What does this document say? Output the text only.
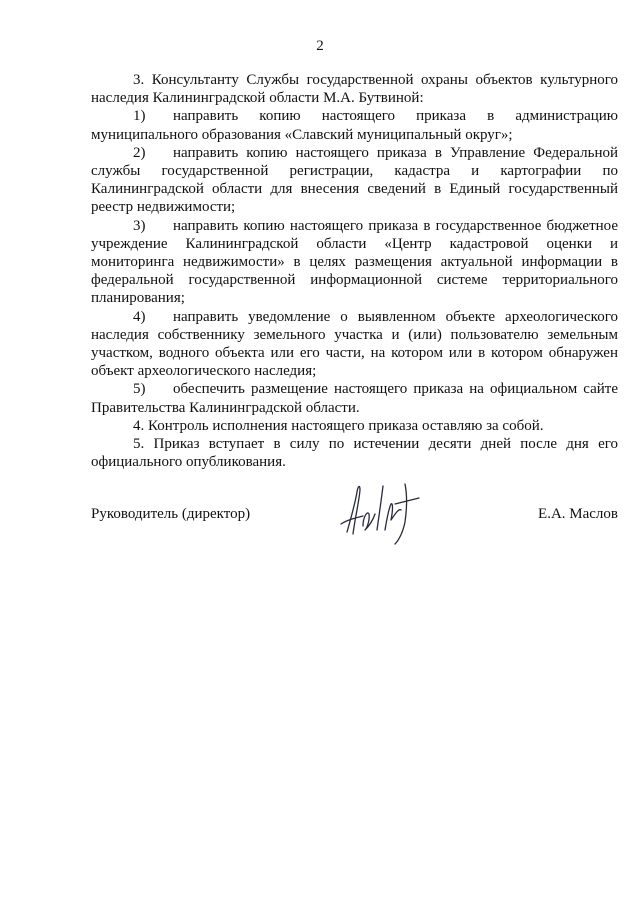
2

3. Консультанту Службы государственной охраны объектов культурного наследия Калининградской области М.А. Бутвиной:

1) направить копию настоящего приказа в администрацию муниципального образования «Славский муниципальный округ»;

2) направить копию настоящего приказа в Управление Федеральной службы государственной регистрации, кадастра и картографии по Калининградской области для внесения сведений в Единый государственный реестр недвижимости;

3) направить копию настоящего приказа в государственное бюджетное учреждение Калининградской области «Центр кадастровой оценки и мониторинга недвижимости» в целях размещения актуальной информации в федеральной государственной информационной системе территориального планирования;

4) направить уведомление о выявленном объекте археологического наследия собственнику земельного участка и (или) пользователю земельным участком, водного объекта или его части, на котором или в котором обнаружен объект археологического наследия;

5) обеспечить размещение настоящего приказа на официальном сайте Правительства Калининградской области.

4. Контроль исполнения настоящего приказа оставляю за собой.

5. Приказ вступает в силу по истечении десяти дней после дня его официального опубликования.

Руководитель (директор)	Е.А. Маслов
